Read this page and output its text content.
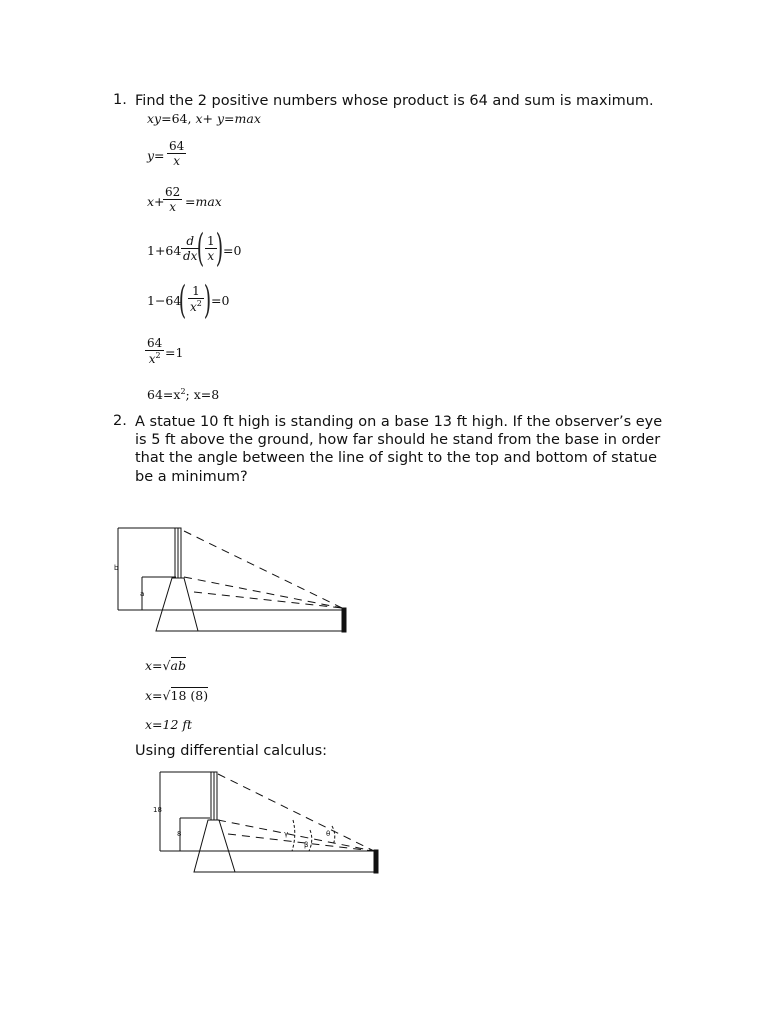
1. Find the 2 positive numbers whose product is 64 and sum is maximum.
xy=64, x+ y=max
$y= \frac{64}{x}$
x+
$\frac{62}{x} =\max$
$1+64 \frac{d}{dx}$
( $\frac{1}{x}$ ) =0
1−64
( $\frac{1}{x^2}$ ) =0
$\frac{64}{x^2} =1$
$64=x^2$; x=8
2. A statue 10 ft high is standing on a base 13 ft high. If the observer’s eye is 5 ft above the ground, how far should he stand from the base in order that the angle between the line of sight to the top and bottom of statue be a minimum?
b
a
x=√ab
x=√18 (8)
x=12 ft
Using differential calculus:
18
8	γ
β
θ
